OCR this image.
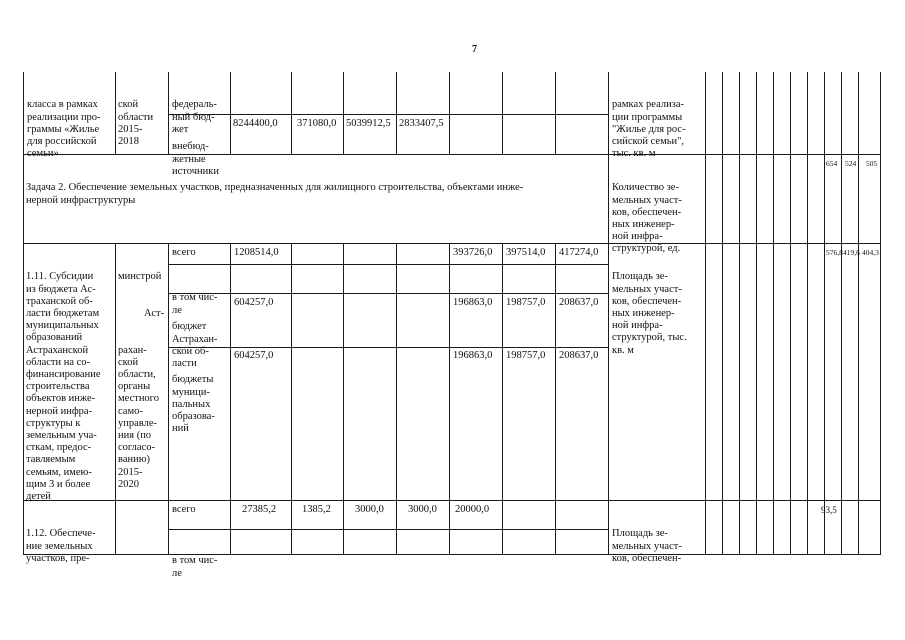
7

класса в рамках
реализации про-
граммы «Жилье
для российской
семьи»

ской
области
2015-
2018

федераль-
ный бюд-
жет

внебюд-
жетные
источники

8244400,0 371080,0 5039912,5 2833407,5

рамках реализа-
ции программы
"Жилье для рос-
сийской семьи",
тыс. кв. м

Задача 2. Обеспечение земельных участков, предназначенных для жилищного строительства, объектами инже-
нерной инфраструктуры

Количество зе-
мельных участ-
ков, обеспечен-
ных инженер-
ной инфра-
структурой, ед.

654 524 505

1.11. Субсидии
из бюджета Ас-
траханской об-
ласти бюджетам
муниципальных
образований
Астраханской
области на со-
финансирование
строительства
объектов инже-
нерной инфра-
структуры к
земельным уча-
сткам, предос-
тавляемым
семьям, имею-
щим 3 и более
детей

минстрой

Аст-

рахан-
ской
области,
органы
местного
само-
управле-
ния (по
согласо-
ванию)
2015-
2020

всего

в том чис-
ле

бюджет
Астрахан-
ской об-
ласти

бюджеты
муници-
пальных
образова-
ний

1208514,0
604257,0
604257,0
393726,0 397514,0 417274,0
196863,0 198757,0 208637,0
196863,0 198757,0 208637,0

Площадь зе-
мельных участ-
ков, обеспечен-
ных инженер-
ной инфра-
структурой, тыс.
кв. м

576,8 419,6 404,3

1.12. Обеспече-
ние земельных
участков, пре-

всего

в том чис-
ле

27385,2 1385,2 3000,0 3000,0 20000,0

Площадь зе-
мельных участ-
ков, обеспечен-

93,5
